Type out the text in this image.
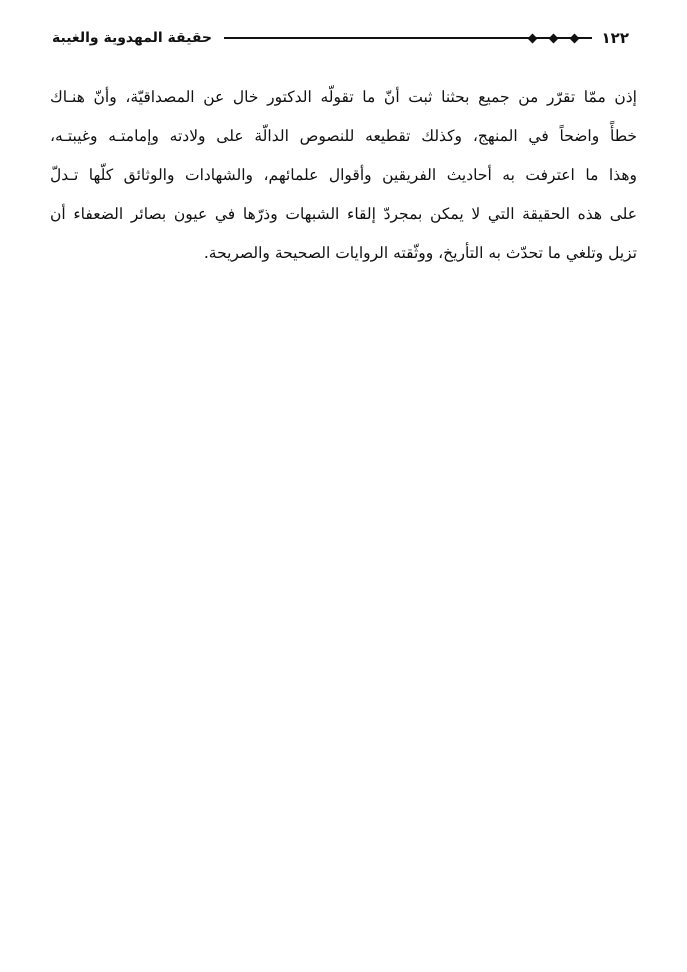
١٢٢
حقيقة المهدوية والغيبة
إذن ممّا تقرّر من جميع بحثنا ثبت أنّ ما تقولّه الدكتور خال عن المصداقيّة، وأنّ هنـاك
خطأً واضحاً في المنهج، وكذلك تقطيعه للنصوص الدالّة على ولادته وإمامتـه وغيبتـه،
وهذا ما اعترفت به أحاديث الفريقين وأقوال علمائهم، والشهادات والوثائق كلّها تـدلّ
على هذه الحقيقة التي لا يمكن بمجردّ إلقاء الشبهات وذرّها في عيون بصائر الضعفاء أن
تزيل وتلغي ما تحدّث به التأريخ، ووثّقته الروايات الصحيحة والصريحة.
